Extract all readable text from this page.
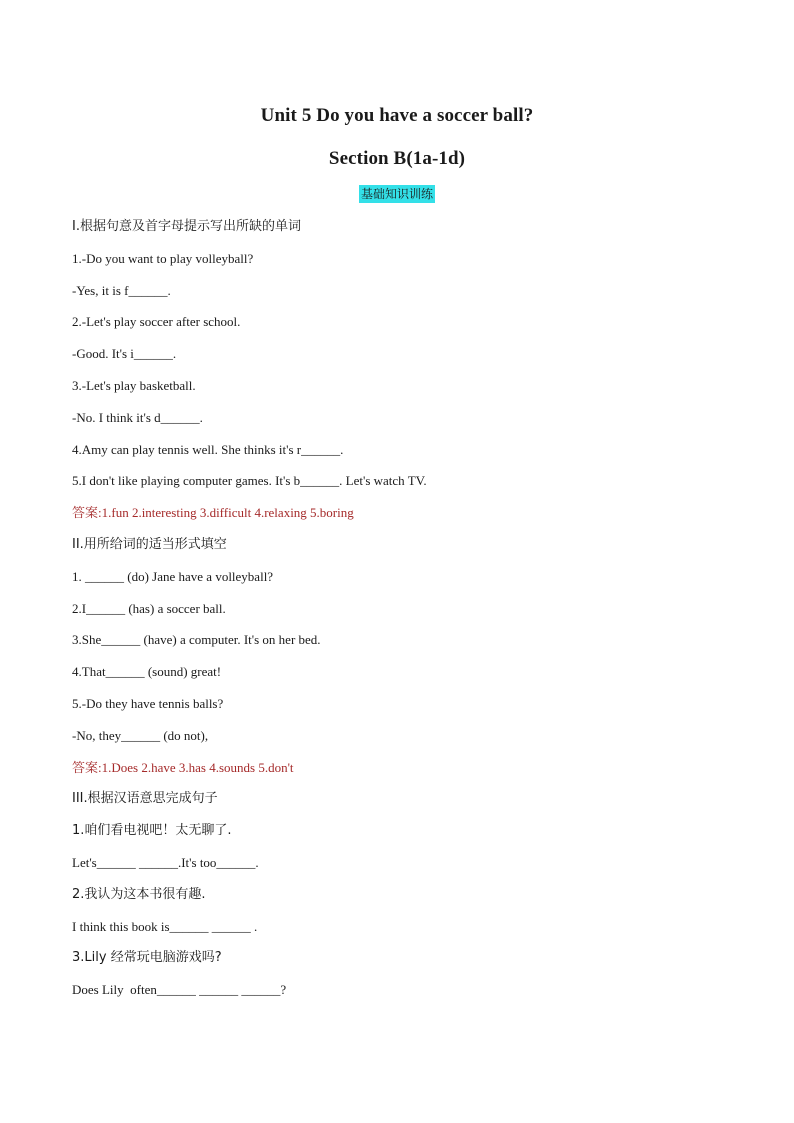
Unit 5 Do you have a soccer ball?
Section B(1a-1d)
基础知识训练
I.根据句意及首字母提示写出所缺的单词
1.-Do you want to play volleyball?
-Yes, it is f______.
2.-Let's play soccer after school.
-Good. It's i______.
3.-Let's play basketball.
-No. I think it's d______.
4.Amy can play tennis well. She thinks it's r______.
5.I don't like playing computer games. It's b______. Let's watch TV.
答案:1.fun 2.interesting 3.difficult 4.relaxing 5.boring
II.用所给词的适当形式填空
1. ______ (do) Jane have a volleyball?
2.I______ (has) a soccer ball.
3.She______ (have) a computer. It's on her bed.
4.That______ (sound) great!
5.-Do they have tennis balls?
-No, they______ (do not),
答案:1.Does 2.have 3.has 4.sounds 5.don't
III.根据汉语意思完成句子
1.咱们看电视吧！太无聊了.
Let's______ ______.It's too______.
2.我认为这本书很有趣.
I think this book is______ ______ .
3.Lily 经常玩电脑游戏吗?
Does Lily  often______ ______ ______?
